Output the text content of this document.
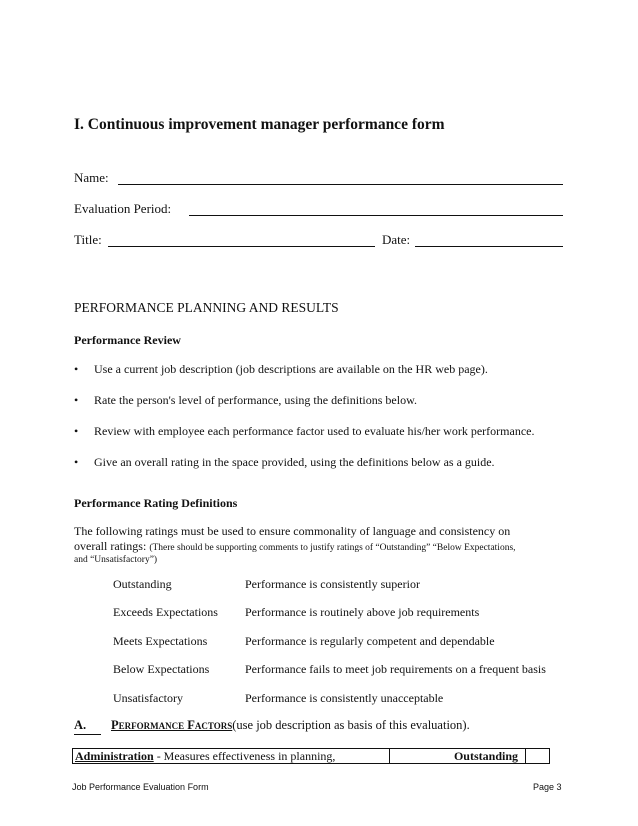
I. Continuous improvement manager performance form
Name:
Evaluation Period:
Title:	Date:
PERFORMANCE PLANNING AND RESULTS
Performance Review
• Use a current job description (job descriptions are available on the HR web page).
• Rate the person's level of performance, using the definitions below.
• Review with employee each performance factor used to evaluate his/her work performance.
• Give an overall rating in the space provided, using the definitions below as a guide.
Performance Rating Definitions
The following ratings must be used to ensure commonality of language and consistency on
overall ratings: (There should be supporting comments to justify ratings of “Outstanding” “Below Expectations,
and “Unsatisfactory”)
Outstanding	Performance is consistently superior
Exceeds Expectations Performance is routinely above job requirements
Meets Expectations	Performance is regularly competent and dependable
Below Expectations	Performance fails to meet job requirements on a frequent basis
Unsatisfactory	Performance is consistently unacceptable
A. Performance Factors(use job description as basis of this evaluation).
Administration - Measures effectiveness in planning,	Outstanding
Job Performance Evaluation Form	Page 3
